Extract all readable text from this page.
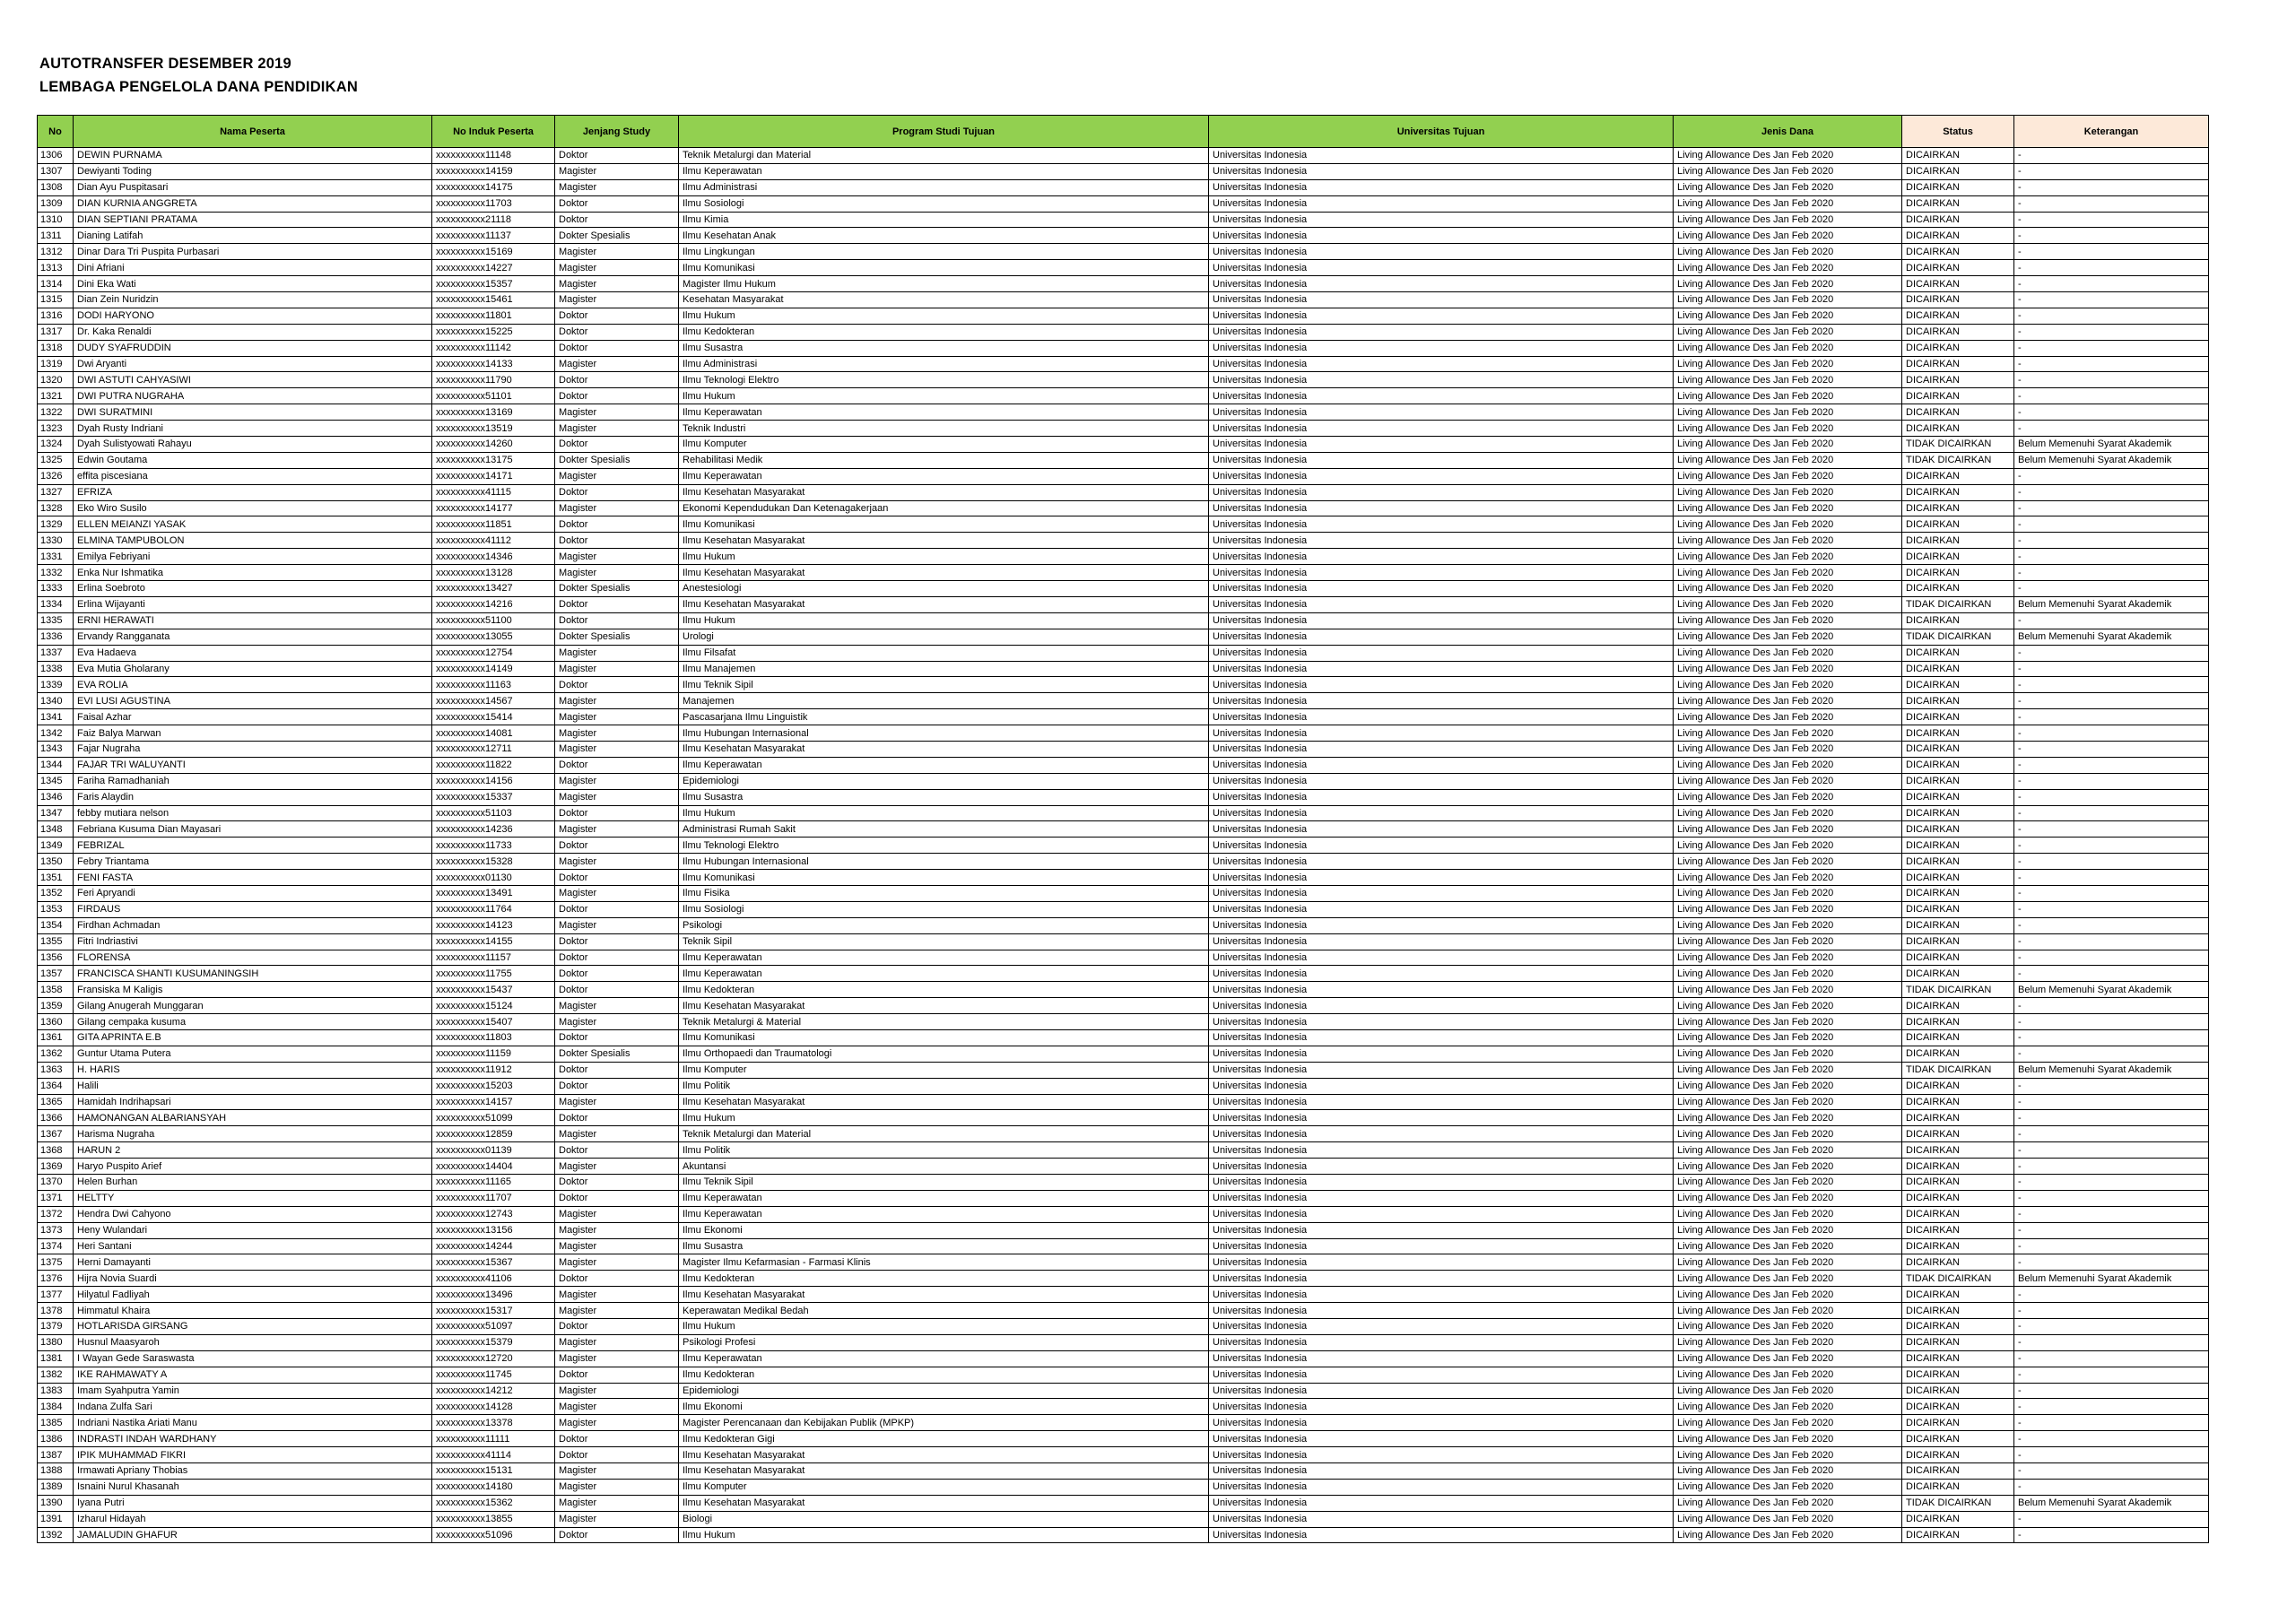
AUTOTRANSFER DESEMBER 2019
LEMBAGA PENGELOLA DANA PENDIDIKAN
No	Nama Peserta	No Induk Peserta	Jenjang Study	Program Studi Tujuan	Universitas Tujuan	Jenis Dana	Status	Keterangan
1306	DEWIN PURNAMA	xxxxxxxxxx11148	Doktor	Teknik Metalurgi dan Material	Universitas Indonesia	Living Allowance Des Jan Feb 2020	DICAIRKAN	-
1307	Dewiyanti Toding	xxxxxxxxxx14159	Magister	Ilmu Keperawatan	Universitas Indonesia	Living Allowance Des Jan Feb 2020	DICAIRKAN	-
1308	Dian Ayu Puspitasari	xxxxxxxxxx14175	Magister	Ilmu Administrasi	Universitas Indonesia	Living Allowance Des Jan Feb 2020	DICAIRKAN	-
1309	DIAN KURNIA ANGGRETA	xxxxxxxxxx11703	Doktor	Ilmu Sosiologi	Universitas Indonesia	Living Allowance Des Jan Feb 2020	DICAIRKAN	-
1310	DIAN SEPTIANI PRATAMA	xxxxxxxxxx21118	Doktor	Ilmu Kimia	Universitas Indonesia	Living Allowance Des Jan Feb 2020	DICAIRKAN	-
1311	Dianing Latifah	xxxxxxxxxx11137	Dokter Spesialis	Ilmu Kesehatan Anak	Universitas Indonesia	Living Allowance Des Jan Feb 2020	DICAIRKAN	-
1312	Dinar Dara Tri Puspita Purbasari	xxxxxxxxxx15169	Magister	Ilmu Lingkungan	Universitas Indonesia	Living Allowance Des Jan Feb 2020	DICAIRKAN	-
1313	Dini Afriani	xxxxxxxxxx14227	Magister	Ilmu Komunikasi	Universitas Indonesia	Living Allowance Des Jan Feb 2020	DICAIRKAN	-
1314	Dini Eka Wati	xxxxxxxxxx15357	Magister	Magister Ilmu Hukum	Universitas Indonesia	Living Allowance Des Jan Feb 2020	DICAIRKAN	-
1315	Dian Zein Nuridzin	xxxxxxxxxx15461	Magister	Kesehatan Masyarakat	Universitas Indonesia	Living Allowance Des Jan Feb 2020	DICAIRKAN	-
1316	DODI HARYONO	xxxxxxxxxx11801	Doktor	Ilmu Hukum	Universitas Indonesia	Living Allowance Des Jan Feb 2020	DICAIRKAN	-
1317	Dr. Kaka Renaldi	xxxxxxxxxx15225	Doktor	Ilmu Kedokteran	Universitas Indonesia	Living Allowance Des Jan Feb 2020	DICAIRKAN	-
1318	DUDY SYAFRUDDIN	xxxxxxxxxx11142	Doktor	Ilmu Susastra	Universitas Indonesia	Living Allowance Des Jan Feb 2020	DICAIRKAN	-
1319	Dwi Aryanti	xxxxxxxxxx14133	Magister	Ilmu Administrasi	Universitas Indonesia	Living Allowance Des Jan Feb 2020	DICAIRKAN	-
1320	DWI ASTUTI CAHYASIWI	xxxxxxxxxx11790	Doktor	Ilmu Teknologi Elektro	Universitas Indonesia	Living Allowance Des Jan Feb 2020	DICAIRKAN	-
1321	DWI PUTRA NUGRAHA	xxxxxxxxxx51101	Doktor	Ilmu Hukum	Universitas Indonesia	Living Allowance Des Jan Feb 2020	DICAIRKAN	-
1322	DWI SURATMINI	xxxxxxxxxx13169	Magister	Ilmu Keperawatan	Universitas Indonesia	Living Allowance Des Jan Feb 2020	DICAIRKAN	-
1323	Dyah Rusty Indriani	xxxxxxxxxx13519	Magister	Teknik Industri	Universitas Indonesia	Living Allowance Des Jan Feb 2020	DICAIRKAN	-
1324	Dyah Sulistyowati Rahayu	xxxxxxxxxx14260	Doktor	Ilmu Komputer	Universitas Indonesia	Living Allowance Des Jan Feb 2020	TIDAK DICAIRKAN	Belum Memenuhi Syarat Akademik
1325	Edwin Goutama	xxxxxxxxxx13175	Dokter Spesialis	Rehabilitasi Medik	Universitas Indonesia	Living Allowance Des Jan Feb 2020	TIDAK DICAIRKAN	Belum Memenuhi Syarat Akademik
1326	effita piscesiana	xxxxxxxxxx14171	Magister	Ilmu Keperawatan	Universitas Indonesia	Living Allowance Des Jan Feb 2020	DICAIRKAN	-
1327	EFRIZA	xxxxxxxxxx41115	Doktor	Ilmu Kesehatan Masyarakat	Universitas Indonesia	Living Allowance Des Jan Feb 2020	DICAIRKAN	-
1328	Eko Wiro Susilo	xxxxxxxxxx14177	Magister	Ekonomi Kependudukan Dan Ketenagakerjaan	Universitas Indonesia	Living Allowance Des Jan Feb 2020	DICAIRKAN	-
1329	ELLEN MEIANZI YASAK	xxxxxxxxxx11851	Doktor	Ilmu Komunikasi	Universitas Indonesia	Living Allowance Des Jan Feb 2020	DICAIRKAN	-
1330	ELMINA TAMPUBOLON	xxxxxxxxxx41112	Doktor	Ilmu Kesehatan Masyarakat	Universitas Indonesia	Living Allowance Des Jan Feb 2020	DICAIRKAN	-
1331	Emilya Febriyani	xxxxxxxxxx14346	Magister	Ilmu Hukum	Universitas Indonesia	Living Allowance Des Jan Feb 2020	DICAIRKAN	-
1332	Enka Nur Ishmatika	xxxxxxxxxx13128	Magister	Ilmu Kesehatan Masyarakat	Universitas Indonesia	Living Allowance Des Jan Feb 2020	DICAIRKAN	-
1333	Erlina Soebroto	xxxxxxxxxx13427	Dokter Spesialis	Anestesiologi	Universitas Indonesia	Living Allowance Des Jan Feb 2020	DICAIRKAN	-
1334	Erlina Wijayanti	xxxxxxxxxx14216	Doktor	Ilmu Kesehatan Masyarakat	Universitas Indonesia	Living Allowance Des Jan Feb 2020	TIDAK DICAIRKAN	Belum Memenuhi Syarat Akademik
1335	ERNI HERAWATI	xxxxxxxxxx51100	Doktor	Ilmu Hukum	Universitas Indonesia	Living Allowance Des Jan Feb 2020	DICAIRKAN	-
1336	Ervandy Rangganata	xxxxxxxxxx13055	Dokter Spesialis	Urologi	Universitas Indonesia	Living Allowance Des Jan Feb 2020	TIDAK DICAIRKAN	Belum Memenuhi Syarat Akademik
1337	Eva Hadaeva	xxxxxxxxxx12754	Magister	Ilmu Filsafat	Universitas Indonesia	Living Allowance Des Jan Feb 2020	DICAIRKAN	-
1338	Eva Mutia Gholarany	xxxxxxxxxx14149	Magister	Ilmu Manajemen	Universitas Indonesia	Living Allowance Des Jan Feb 2020	DICAIRKAN	-
1339	EVA ROLIA	xxxxxxxxxx11163	Doktor	Ilmu Teknik Sipil	Universitas Indonesia	Living Allowance Des Jan Feb 2020	DICAIRKAN	-
1340	EVI LUSI AGUSTINA	xxxxxxxxxx14567	Magister	Manajemen	Universitas Indonesia	Living Allowance Des Jan Feb 2020	DICAIRKAN	-
1341	Faisal Azhar	xxxxxxxxxx15414	Magister	Pascasarjana Ilmu Linguistik	Universitas Indonesia	Living Allowance Des Jan Feb 2020	DICAIRKAN	-
1342	Faiz Balya Marwan	xxxxxxxxxx14081	Magister	Ilmu Hubungan Internasional	Universitas Indonesia	Living Allowance Des Jan Feb 2020	DICAIRKAN	-
1343	Fajar Nugraha	xxxxxxxxxx12711	Magister	Ilmu Kesehatan Masyarakat	Universitas Indonesia	Living Allowance Des Jan Feb 2020	DICAIRKAN	-
1344	FAJAR TRI WALUYANTI	xxxxxxxxxx11822	Doktor	Ilmu Keperawatan	Universitas Indonesia	Living Allowance Des Jan Feb 2020	DICAIRKAN	-
1345	Fariha Ramadhaniah	xxxxxxxxxx14156	Magister	Epidemiologi	Universitas Indonesia	Living Allowance Des Jan Feb 2020	DICAIRKAN	-
1346	Faris Alaydin	xxxxxxxxxx15337	Magister	Ilmu Susastra	Universitas Indonesia	Living Allowance Des Jan Feb 2020	DICAIRKAN	-
1347	febby mutiara nelson	xxxxxxxxxx51103	Doktor	Ilmu Hukum	Universitas Indonesia	Living Allowance Des Jan Feb 2020	DICAIRKAN	-
1348	Febriana Kusuma Dian Mayasari	xxxxxxxxxx14236	Magister	Administrasi Rumah Sakit	Universitas Indonesia	Living Allowance Des Jan Feb 2020	DICAIRKAN	-
1349	FEBRIZAL	xxxxxxxxxx11733	Doktor	Ilmu Teknologi Elektro	Universitas Indonesia	Living Allowance Des Jan Feb 2020	DICAIRKAN	-
1350	Febry Triantama	xxxxxxxxxx15328	Magister	Ilmu Hubungan Internasional	Universitas Indonesia	Living Allowance Des Jan Feb 2020	DICAIRKAN	-
1351	FENI FASTA	xxxxxxxxxx01130	Doktor	Ilmu Komunikasi	Universitas Indonesia	Living Allowance Des Jan Feb 2020	DICAIRKAN	-
1352	Feri Apryandi	xxxxxxxxxx13491	Magister	Ilmu Fisika	Universitas Indonesia	Living Allowance Des Jan Feb 2020	DICAIRKAN	-
1353	FIRDAUS	xxxxxxxxxx11764	Doktor	Ilmu Sosiologi	Universitas Indonesia	Living Allowance Des Jan Feb 2020	DICAIRKAN	-
1354	Firdhan Achmadan	xxxxxxxxxx14123	Magister	Psikologi	Universitas Indonesia	Living Allowance Des Jan Feb 2020	DICAIRKAN	-
1355	Fitri Indriastivi	xxxxxxxxxx14155	Doktor	Teknik Sipil	Universitas Indonesia	Living Allowance Des Jan Feb 2020	DICAIRKAN	-
1356	FLORENSA	xxxxxxxxxx11157	Doktor	Ilmu Keperawatan	Universitas Indonesia	Living Allowance Des Jan Feb 2020	DICAIRKAN	-
1357	FRANCISCA SHANTI KUSUMANINGSIH	xxxxxxxxxx11755	Doktor	Ilmu Keperawatan	Universitas Indonesia	Living Allowance Des Jan Feb 2020	DICAIRKAN	-
1358	Fransiska M Kaligis	xxxxxxxxxx15437	Doktor	Ilmu Kedokteran	Universitas Indonesia	Living Allowance Des Jan Feb 2020	TIDAK DICAIRKAN	Belum Memenuhi Syarat Akademik
1359	Gilang Anugerah Munggaran	xxxxxxxxxx15124	Magister	Ilmu Kesehatan Masyarakat	Universitas Indonesia	Living Allowance Des Jan Feb 2020	DICAIRKAN	-
1360	Gilang cempaka kusuma	xxxxxxxxxx15407	Magister	Teknik Metalurgi & Material	Universitas Indonesia	Living Allowance Des Jan Feb 2020	DICAIRKAN	-
1361	GITA APRINTA E.B	xxxxxxxxxx11803	Doktor	Ilmu Komunikasi	Universitas Indonesia	Living Allowance Des Jan Feb 2020	DICAIRKAN	-
1362	Guntur Utama Putera	xxxxxxxxxx11159	Dokter Spesialis	Ilmu Orthopaedi dan Traumatologi	Universitas Indonesia	Living Allowance Des Jan Feb 2020	DICAIRKAN	-
1363	H. HARIS	xxxxxxxxxx11912	Doktor	Ilmu Komputer	Universitas Indonesia	Living Allowance Des Jan Feb 2020	TIDAK DICAIRKAN	Belum Memenuhi Syarat Akademik
1364	Halili	xxxxxxxxxx15203	Doktor	Ilmu Politik	Universitas Indonesia	Living Allowance Des Jan Feb 2020	DICAIRKAN	-
1365	Hamidah Indrihapsari	xxxxxxxxxx14157	Magister	Ilmu Kesehatan Masyarakat	Universitas Indonesia	Living Allowance Des Jan Feb 2020	DICAIRKAN	-
1366	HAMONANGAN ALBARIANSYAH	xxxxxxxxxx51099	Doktor	Ilmu Hukum	Universitas Indonesia	Living Allowance Des Jan Feb 2020	DICAIRKAN	-
1367	Harisma Nugraha	xxxxxxxxxx12859	Magister	Teknik Metalurgi dan Material	Universitas Indonesia	Living Allowance Des Jan Feb 2020	DICAIRKAN	-
1368	HARUN 2	xxxxxxxxxx01139	Doktor	Ilmu Politik	Universitas Indonesia	Living Allowance Des Jan Feb 2020	DICAIRKAN	-
1369	Haryo Puspito Arief	xxxxxxxxxx14404	Magister	Akuntansi	Universitas Indonesia	Living Allowance Des Jan Feb 2020	DICAIRKAN	-
1370	Helen Burhan	xxxxxxxxxx11165	Doktor	Ilmu Teknik Sipil	Universitas Indonesia	Living Allowance Des Jan Feb 2020	DICAIRKAN	-
1371	HELTTY	xxxxxxxxxx11707	Doktor	Ilmu Keperawatan	Universitas Indonesia	Living Allowance Des Jan Feb 2020	DICAIRKAN	-
1372	Hendra Dwi Cahyono	xxxxxxxxxx12743	Magister	Ilmu Keperawatan	Universitas Indonesia	Living Allowance Des Jan Feb 2020	DICAIRKAN	-
1373	Heny Wulandari	xxxxxxxxxx13156	Magister	Ilmu Ekonomi	Universitas Indonesia	Living Allowance Des Jan Feb 2020	DICAIRKAN	-
1374	Heri Santani	xxxxxxxxxx14244	Magister	Ilmu Susastra	Universitas Indonesia	Living Allowance Des Jan Feb 2020	DICAIRKAN	-
1375	Herni Damayanti	xxxxxxxxxx15367	Magister	Magister Ilmu Kefarmasian - Farmasi Klinis	Universitas Indonesia	Living Allowance Des Jan Feb 2020	DICAIRKAN	-
1376	Hijra Novia Suardi	xxxxxxxxxx41106	Doktor	Ilmu Kedokteran	Universitas Indonesia	Living Allowance Des Jan Feb 2020	TIDAK DICAIRKAN	Belum Memenuhi Syarat Akademik
1377	Hilyatul Fadliyah	xxxxxxxxxx13496	Magister	Ilmu Kesehatan Masyarakat	Universitas Indonesia	Living Allowance Des Jan Feb 2020	DICAIRKAN	-
1378	Himmatul Khaira	xxxxxxxxxx15317	Magister	Keperawatan Medikal Bedah	Universitas Indonesia	Living Allowance Des Jan Feb 2020	DICAIRKAN	-
1379	HOTLARISDA GIRSANG	xxxxxxxxxx51097	Doktor	Ilmu Hukum	Universitas Indonesia	Living Allowance Des Jan Feb 2020	DICAIRKAN	-
1380	Husnul Maasyaroh	xxxxxxxxxx15379	Magister	Psikologi Profesi	Universitas Indonesia	Living Allowance Des Jan Feb 2020	DICAIRKAN	-
1381	I Wayan Gede Saraswasta	xxxxxxxxxx12720	Magister	Ilmu Keperawatan	Universitas Indonesia	Living Allowance Des Jan Feb 2020	DICAIRKAN	-
1382	IKE RAHMAWATY A	xxxxxxxxxx11745	Doktor	Ilmu Kedokteran	Universitas Indonesia	Living Allowance Des Jan Feb 2020	DICAIRKAN	-
1383	Imam Syahputra Yamin	xxxxxxxxxx14212	Magister	Epidemiologi	Universitas Indonesia	Living Allowance Des Jan Feb 2020	DICAIRKAN	-
1384	Indana Zulfa Sari	xxxxxxxxxx14128	Magister	Ilmu Ekonomi	Universitas Indonesia	Living Allowance Des Jan Feb 2020	DICAIRKAN	-
1385	Indriani Nastika Ariati Manu	xxxxxxxxxx13378	Magister	Magister Perencanaan dan Kebijakan Publik (MPKP)	Universitas Indonesia	Living Allowance Des Jan Feb 2020	DICAIRKAN	-
1386	INDRASTI INDAH WARDHANY	xxxxxxxxxx11111	Doktor	Ilmu Kedokteran Gigi	Universitas Indonesia	Living Allowance Des Jan Feb 2020	DICAIRKAN	-
1387	IPIK MUHAMMAD FIKRI	xxxxxxxxxx41114	Doktor	Ilmu Kesehatan Masyarakat	Universitas Indonesia	Living Allowance Des Jan Feb 2020	DICAIRKAN	-
1388	Irmawati Apriany Thobias	xxxxxxxxxx15131	Magister	Ilmu Kesehatan Masyarakat	Universitas Indonesia	Living Allowance Des Jan Feb 2020	DICAIRKAN	-
1389	Isnaini Nurul Khasanah	xxxxxxxxxx14180	Magister	Ilmu Komputer	Universitas Indonesia	Living Allowance Des Jan Feb 2020	DICAIRKAN	-
1390	Iyana Putri	xxxxxxxxxx15362	Magister	Ilmu Kesehatan Masyarakat	Universitas Indonesia	Living Allowance Des Jan Feb 2020	TIDAK DICAIRKAN	Belum Memenuhi Syarat Akademik
1391	Izharul Hidayah	xxxxxxxxxx13855	Magister	Biologi	Universitas Indonesia	Living Allowance Des Jan Feb 2020	DICAIRKAN	-
1392	JAMALUDIN GHAFUR	xxxxxxxxxx51096	Doktor	Ilmu Hukum	Universitas Indonesia	Living Allowance Des Jan Feb 2020	DICAIRKAN	-
